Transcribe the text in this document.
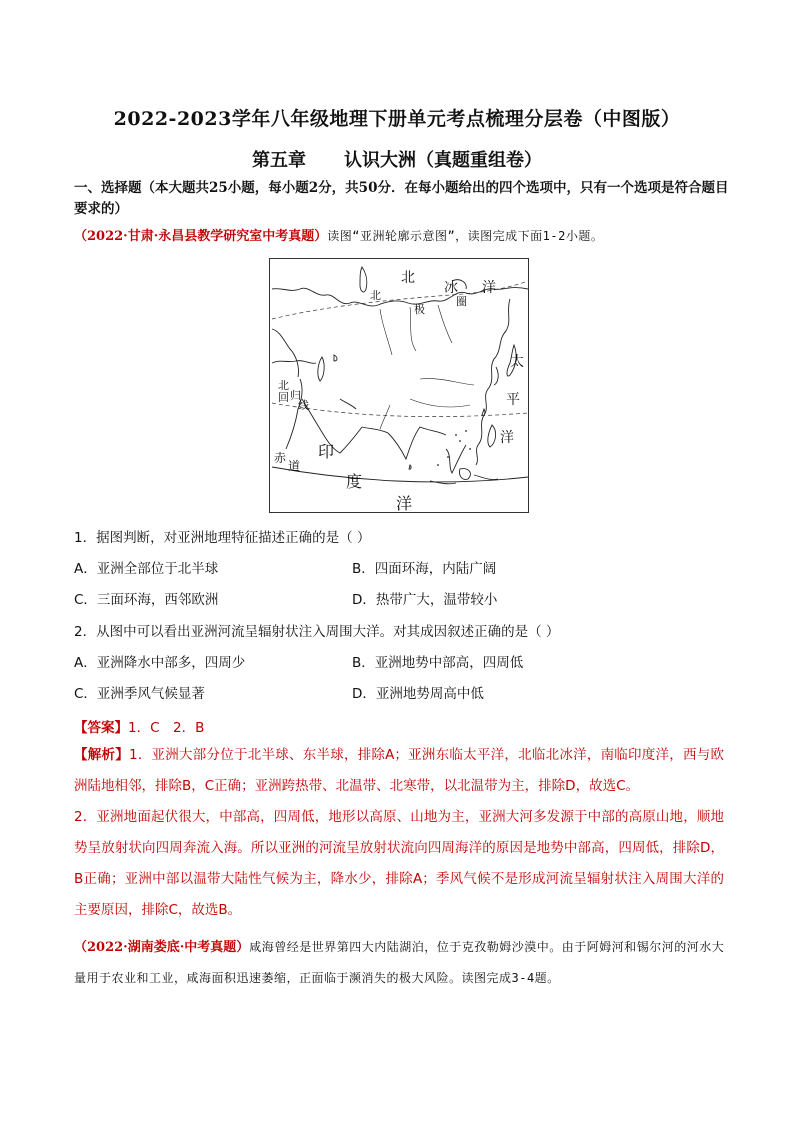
2022-2023学年八年级地理下册单元考点梳理分层卷（中图版）
第五章 认识大洲（真题重组卷）
一、选择题（本大题共25小题，每小题2分，共50分．在每小题给出的四个选项中，只有一个选项是符合题目要求的）
（2022·甘肃·永昌县教学研究室中考真题）读图“亚洲轮廓示意图”，读图完成下面1-2小题。
北
冰 洋
北	圈
极
太
平
洋
北
回 归
线
赤
道
印
度
洋
1．据图判断，对亚洲地理特征描述正确的是（ ）
A．亚洲全部位于北半球	B．四面环海，内陆广阔
C．三面环海，西邻欧洲	D．热带广大，温带较小
2．从图中可以看出亚洲河流呈辐射状注入周围大洋。对其成因叙述正确的是（ ）
A．亚洲降水中部多，四周少	B．亚洲地势中部高，四周低
C．亚洲季风气候显著	D．亚洲地势周高中低
【答案】1．C　2．B
【解析】1．亚洲大部分位于北半球、东半球，排除A；亚洲东临太平洋，北临北冰洋，南临印度洋，西与欧洲陆地相邻，排除B，C正确；亚洲跨热带、北温带、北寒带，以北温带为主，排除D，故选C。
2．亚洲地面起伏很大，中部高，四周低，地形以高原、山地为主，亚洲大河多发源于中部的高原山地，顺地势呈放射状向四周奔流入海。所以亚洲的河流呈放射状流向四周海洋的原因是地势中部高，四周低，排除D，B正确；亚洲中部以温带大陆性气候为主，降水少，排除A；季风气候不是形成河流呈辐射状注入周围大洋的主要原因，排除C，故选B。
（2022·湖南娄底·中考真题）咸海曾经是世界第四大内陆湖泊，位于克孜勒姆沙漠中。由于阿姆河和锡尔河的河水大量用于农业和工业，咸海面积迅速萎缩，正面临于濒消失的极大风险。读图完成3-4题。
